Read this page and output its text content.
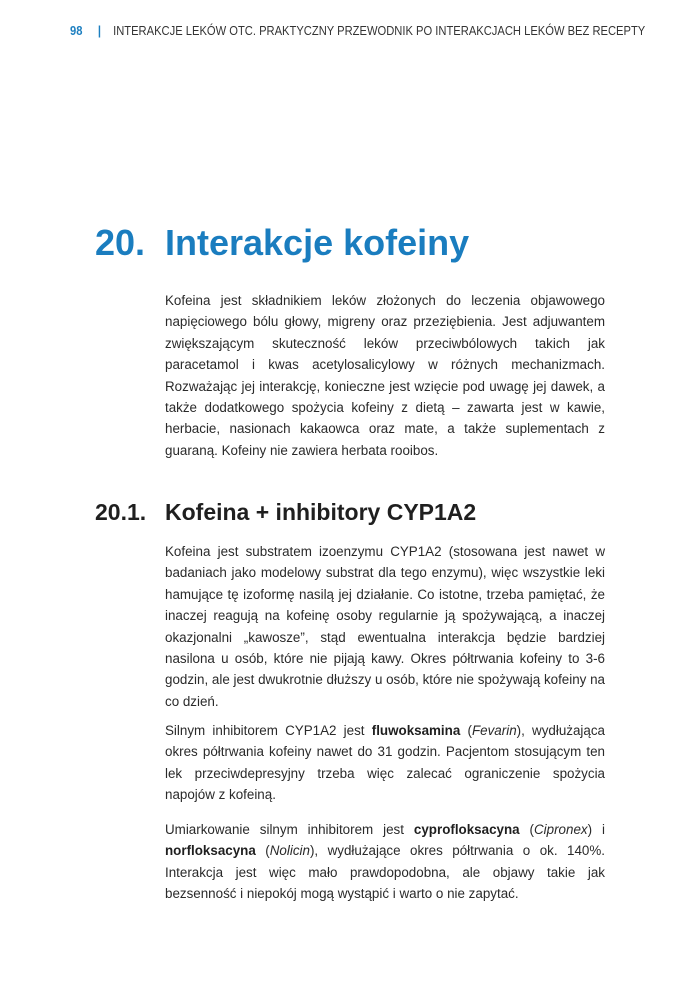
98 | INTERAKCJE LEKÓW OTC. PRAKTYCZNY PRZEWODNIK PO INTERAKCJACH LEKÓW BEZ RECEPTY
20. Interakcje kofeiny

Kofeina jest składnikiem leków złożonych do leczenia objawowego napięciowego bólu głowy, migreny oraz przeziębienia. Jest adjuwantem zwiększającym skuteczność leków przeciwbólowych takich jak paracetamol i kwas acetylosalicylowy w różnych mechanizmach. Rozważając jej interakcję, konieczne jest wzięcie pod uwagę jej dawek, a także dodatkowego spożycia kofeiny z dietą – zawarta jest w kawie, herbacie, nasionach kakaowca oraz mate, a także suplementach z guaraną. Kofeiny nie zawiera herbata rooibos.

20.1. Kofeina + inhibitory CYP1A2

Kofeina jest substratem izoenzymu CYP1A2 (stosowana jest nawet w badaniach jako modelowy substrat dla tego enzymu), więc wszystkie leki hamujące tę izoformę nasilą jej działanie. Co istotne, trzeba pamiętać, że inaczej reagują na kofeinę osoby regularnie ją spożywającą, a inaczej okazjonalni „kawosze”, stąd ewentualna interakcja będzie bardziej nasilona u osób, które nie pijają kawy. Okres półtrwania kofeiny to 3-6 godzin, ale jest dwukrotnie dłuższy u osób, które nie spożywają kofeiny na co dzień.

Silnym inhibitorem CYP1A2 jest fluwoksamina (Fevarin), wydłużająca okres półtrwania kofeiny nawet do 31 godzin. Pacjentom stosującym ten lek przeciwdepresyjny trzeba więc zalecać ograniczenie spożycia napojów z kofeiną.

Umiarkowanie silnym inhibitorem jest cyprofloksacyna (Cipronex) i norfloksacyna (Nolicin), wydłużające okres półtrwania o ok. 140%. Interakcja jest więc mało prawdopodobna, ale objawy takie jak bezsenność i niepokój mogą wystąpić i warto o nie zapytać.
